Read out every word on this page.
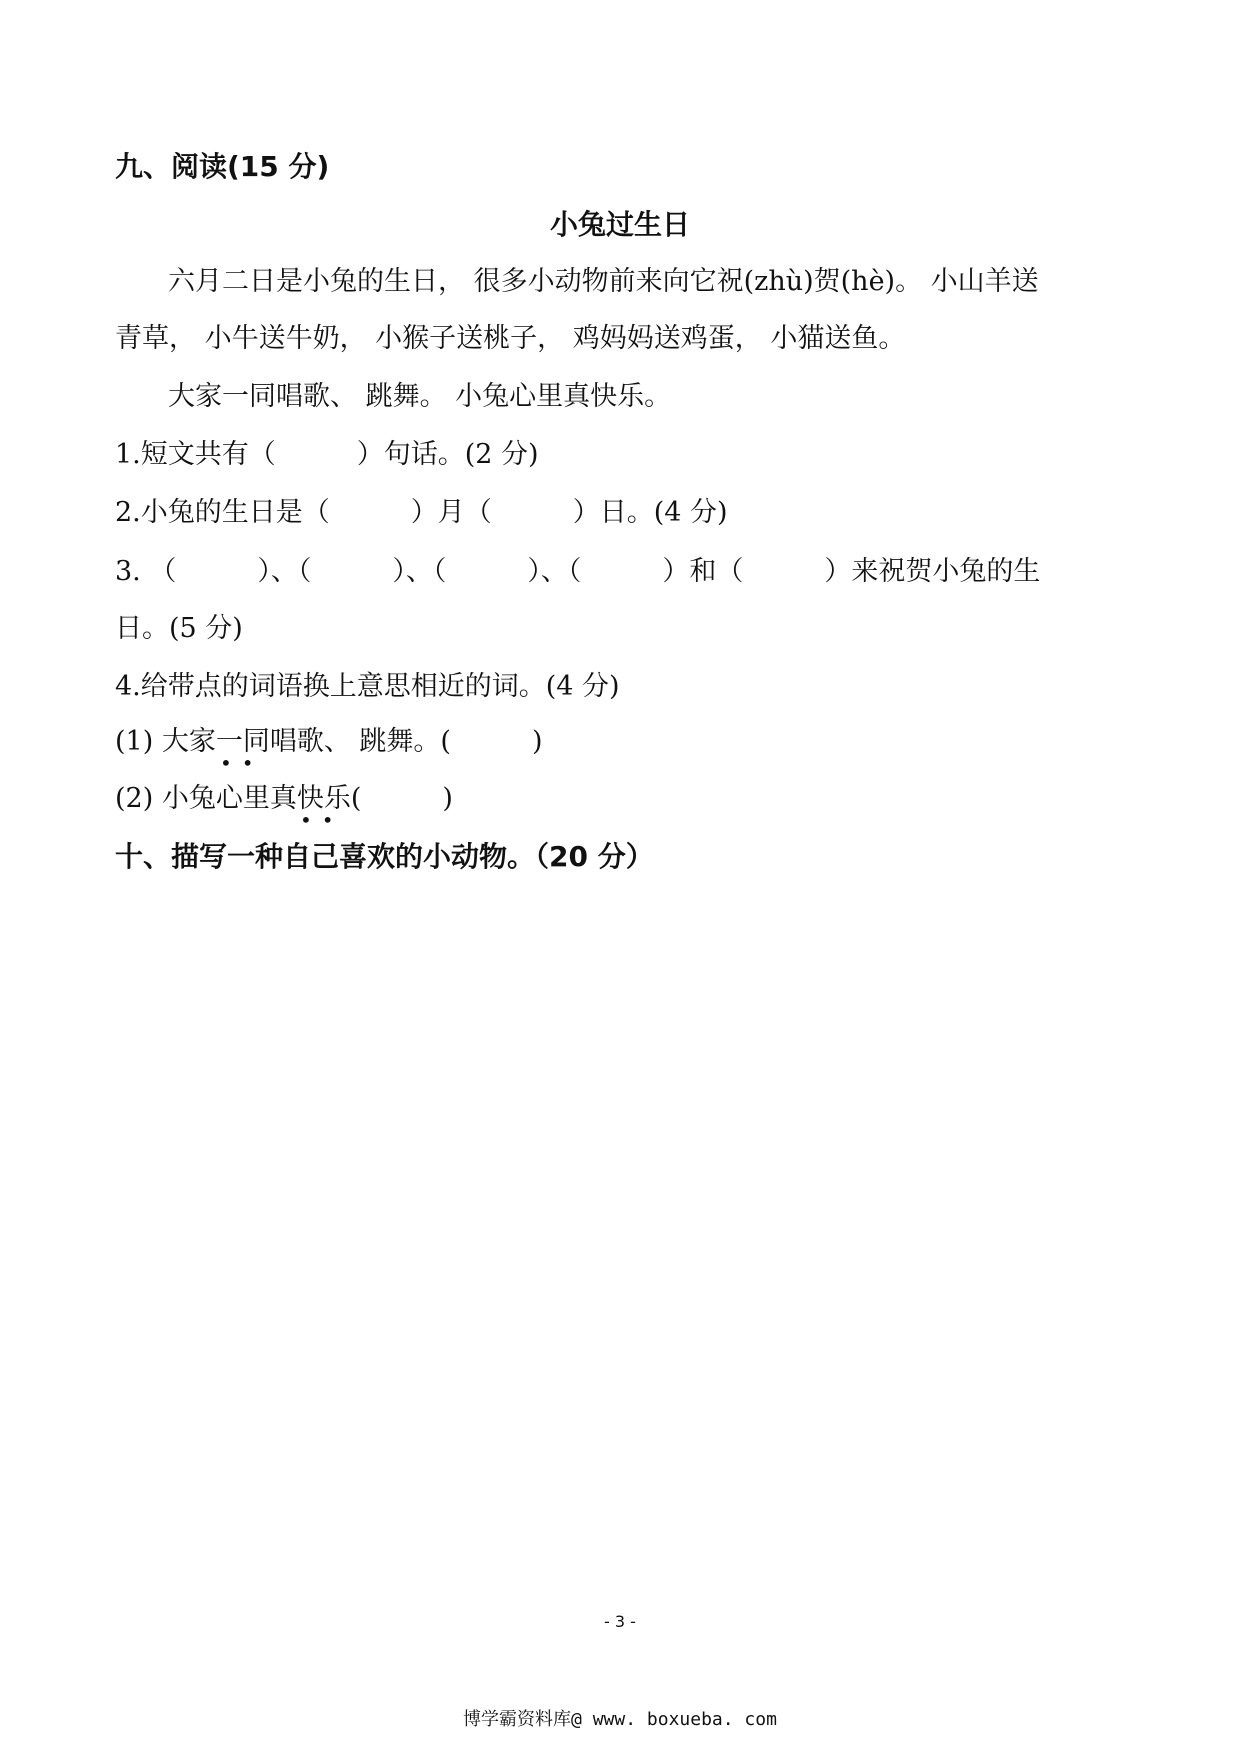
九、阅读(15 分)
小兔过生日
六月二日是小兔的生日， 很多小动物前来向它祝(zhù)贺(hè)。 小山羊送
青草， 小牛送牛奶， 小猴子送桃子， 鸡妈妈送鸡蛋， 小猫送鱼。
大家一同唱歌、 跳舞。 小兔心里真快乐。
1.短文共有（　　　）句话。(2 分)
2.小兔的生日是（　　　）月（　　　）日。(4 分)
3. （　　　）、（　　　）、（　　　）、（　　　）和（　　　）来祝贺小兔的生
日。(5 分)
4.给带点的词语换上意思相近的词。(4 分)
(1) 大家一同唱歌、 跳舞。(　　　)
••
(2) 小兔心里真快乐(　　　)
••
十、描写一种自己喜欢的小动物。（20 分）
- 3 -
博学霸资料库@ www. boxueba. com
